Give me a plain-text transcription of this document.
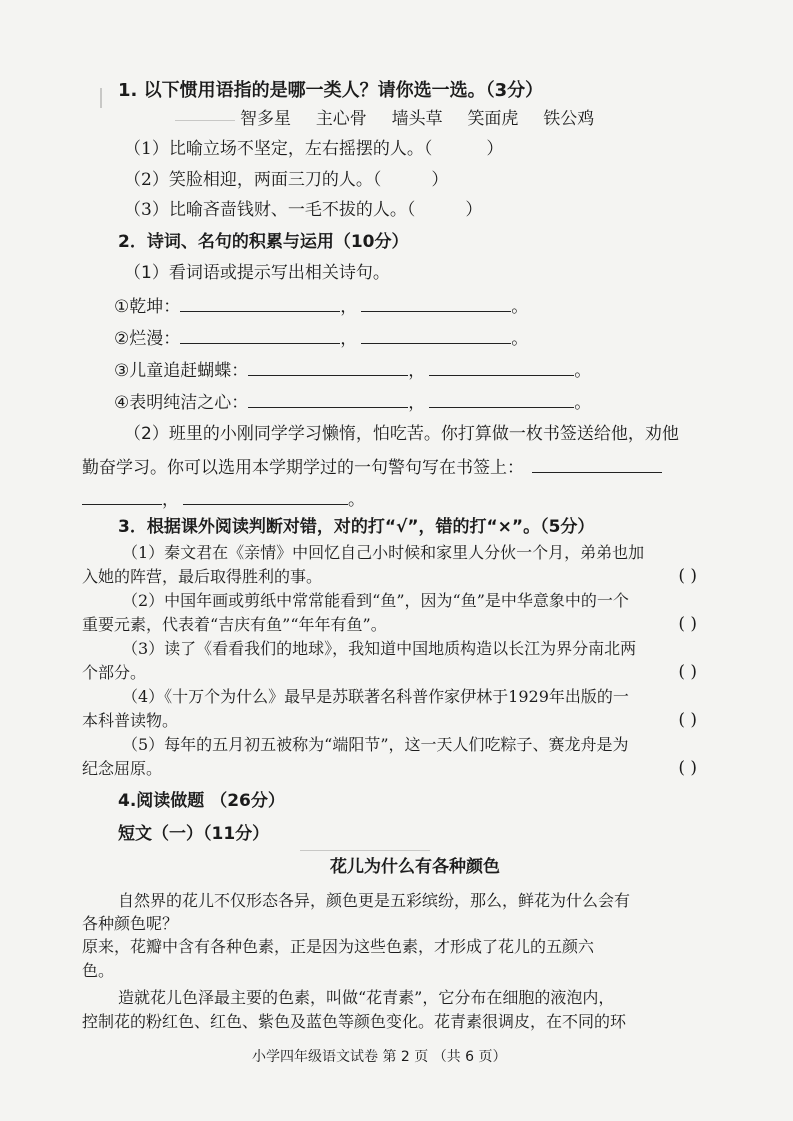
1. 以下惯用语指的是哪一类人？请你选一选。（3分）
智多星 主心骨 墙头草 笑面虎 铁公鸡
（1）比喻立场不坚定，左右摇摆的人。（	）
（2）笑脸相迎，两面三刀的人。（	）
（3）比喻吝啬钱财、一毛不拔的人。（	）
2．诗词、名句的积累与运用（10分）
（1）看词语或提示写出相关诗句。
①乾坤：	，	。
②烂漫：	，	。
③儿童追赶蝴蝶：	，	。
④表明纯洁之心：	，	。
（2）班里的小刚同学学习懒惰，怕吃苦。你打算做一枚书签送给他，劝他
勤奋学习。你可以选用本学期学过的一句警句写在书签上：
，	。
3．根据课外阅读判断对错，对的打“√”，错的打“×”。（5分）
（1）秦文君在《亲情》中回忆自己小时候和家里人分伙一个月，弟弟也加
入她的阵营，最后取得胜利的事。	( )
（2）中国年画或剪纸中常常能看到“鱼”，因为“鱼”是中华意象中的一个
重要元素，代表着“吉庆有鱼”“年年有鱼”。	( )
（3）读了《看看我们的地球》，我知道中国地质构造以长江为界分南北两
个部分。	( )
（4）《十万个为什么》最早是苏联著名科普作家伊林于1929年出版的一
本科普读物。	( )
（5）每年的五月初五被称为“端阳节”，这一天人们吃粽子、赛龙舟是为
纪念屈原。	( )
4.阅读做题 （26分）
短文（一）（11分）
花儿为什么有各种颜色
自然界的花儿不仅形态各异，颜色更是五彩缤纷，那么，鲜花为什么会有
各种颜色呢？
原来，花瓣中含有各种色素，正是因为这些色素，才形成了花儿的五颜六
色。
造就花儿色泽最主要的色素，叫做“花青素”，它分布在细胞的液泡内，
控制花的粉红色、红色、紫色及蓝色等颜色变化。花青素很调皮，在不同的环
小学四年级语文试卷 第 2 页 （共 6 页）
